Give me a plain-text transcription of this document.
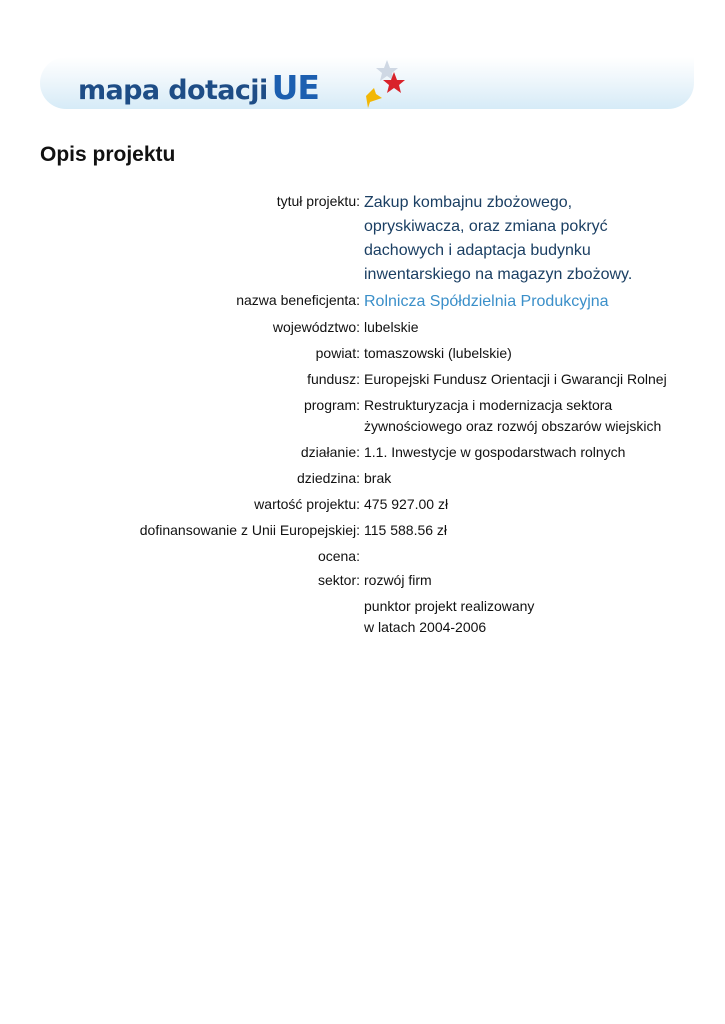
mapa dotacji UE
Opis projektu
tytuł projektu: Zakup kombajnu zbożowego,
opryskiwacza, oraz zmiana pokryć
dachowych i adaptacja budynku
inwentarskiego na magazyn zbożowy.
nazwa beneficjenta: Rolnicza Spółdzielnia Produkcyjna
województwo: lubelskie
powiat: tomaszowski (lubelskie)
fundusz: Europejski Fundusz Orientacji i Gwarancji Rolnej
program: Restrukturyzacja i modernizacja sektora
żywnościowego oraz rozwój obszarów wiejskich
działanie: 1.1. Inwestycje w gospodarstwach rolnych
dziedzina: brak
wartość projektu: 475 927.00 zł
dofinansowanie z Unii Europejskiej: 115 588.56 zł
ocena:
sektor: rozwój firm
punktor projekt realizowany
w latach 2004-2006
